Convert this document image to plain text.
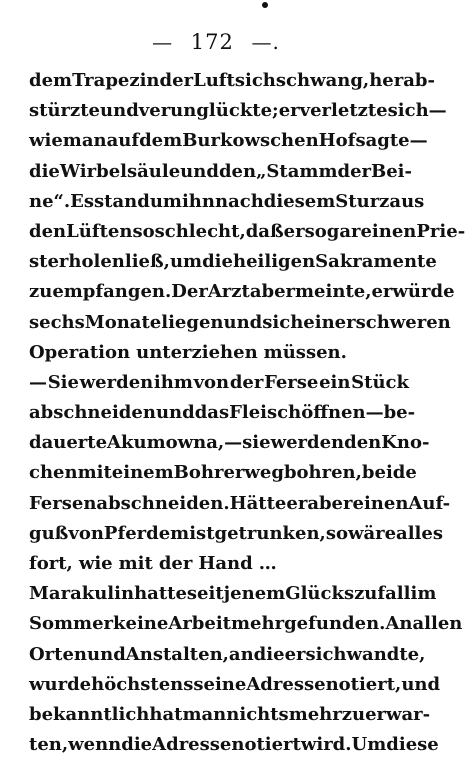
— 172 —.
dem Trapez in der Luft sich schwang, herab-
stürzte und verunglückte; er verletzte sich —
wie man auf dem Burkowschen Hof sagte —
die Wirbelsäule und den „Stamm der Bei-
ne“. Es stand um ihn nach diesem Sturz aus
den Lüften so schlecht, daß er sogar einen Prie-
ster holen ließ, um die heiligen Sakramente
zu empfangen. Der Arzt aber meinte, er würde
sechs Monate liegen und sich einer schweren
Operation unterziehen müssen.
— Sie werden ihm von der Ferse ein Stück
abschneiden und das Fleisch öffnen — be-
dauerte Akumowna, — sie werden den Kno-
chen mit einem Bohrer wegbohren, beide
Fersen abschneiden. Hätte er aber einen Auf-
guß von Pferdemist getrunken, so wäre alles
fort, wie mit der Hand …
Marakulin hatte seit jenem Glückszufall im
Sommer keine Arbeit mehr gefunden. An allen
Orten und Anstalten, an die er sich wandte,
wurde höchstens seine Adresse notiert, und
bekanntlich hat man nichts mehr zu erwar-
ten, wenn die Adresse notiert wird. Um diese
